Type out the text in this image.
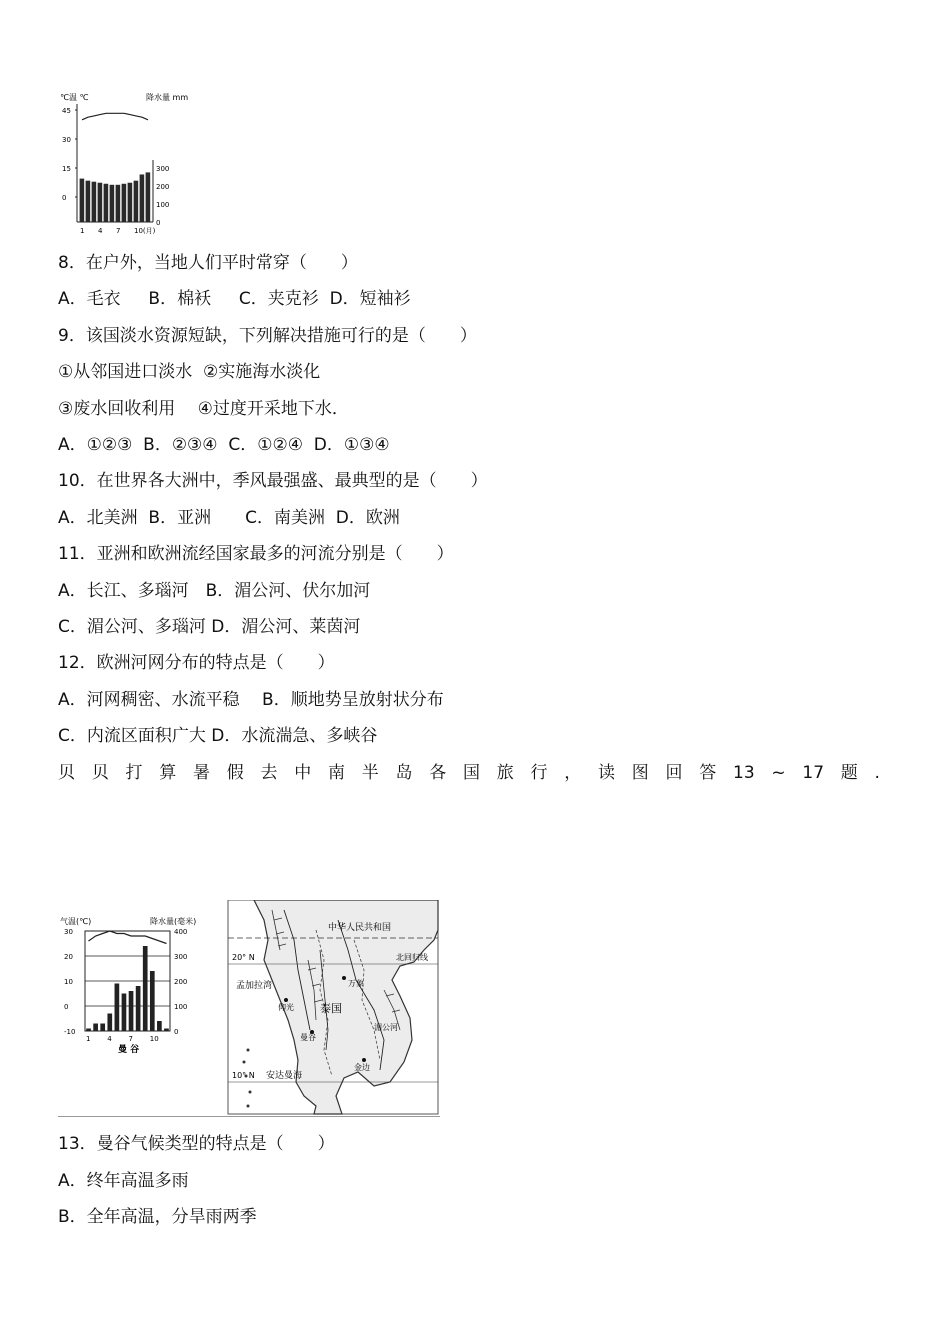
℃温 ℃	降水量 mm
45
30
15
0
300
200
100
0
1 4 7 10(月)
8．在户外，当地人们平时常穿（　　）
A．毛衣　  B．棉袄　  C．夹克衫  D．短袖衫
9．该国淡水资源短缺，下列解决措施可行的是（　　）
①从邻国进口淡水  ②实施海水淡化
③废水回收利用　 ④过度开采地下水．
A．①②③  B．②③④  C．①②④  D．①③④
10．在世界各大洲中，季风最强盛、最典型的是（　　）
A．北美洲  B．亚洲　　C．南美洲  D．欧洲
11．亚洲和欧洲流经国家最多的河流分别是（　　）
A．长江、多瑙河　B．湄公河、伏尔加河
C．湄公河、多瑙河 D．湄公河、莱茵河
12．欧洲河网分布的特点是（　　）
A．河网稠密、水流平稳　 B．顺地势呈放射状分布
C．内流区面积广大 D．水流湍急、多峡谷
贝 贝 打 算 暑 假 去 中 南 半 岛 各 国 旅 行 ， 读 图 回 答 13 ~ 17 题 .
气温(℃)	降水量(毫米)
30
20
10
0
-10
400
300
200
100
0
1 4 7 10
曼 谷
中华人民共和国
北回归线
20° N
10° N
孟加拉湾
安达曼海
泰国
曼谷
仰光
万象
金边
湄公河
13．曼谷气候类型的特点是（　　）
A．终年高温多雨
B．全年高温，分旱雨两季
